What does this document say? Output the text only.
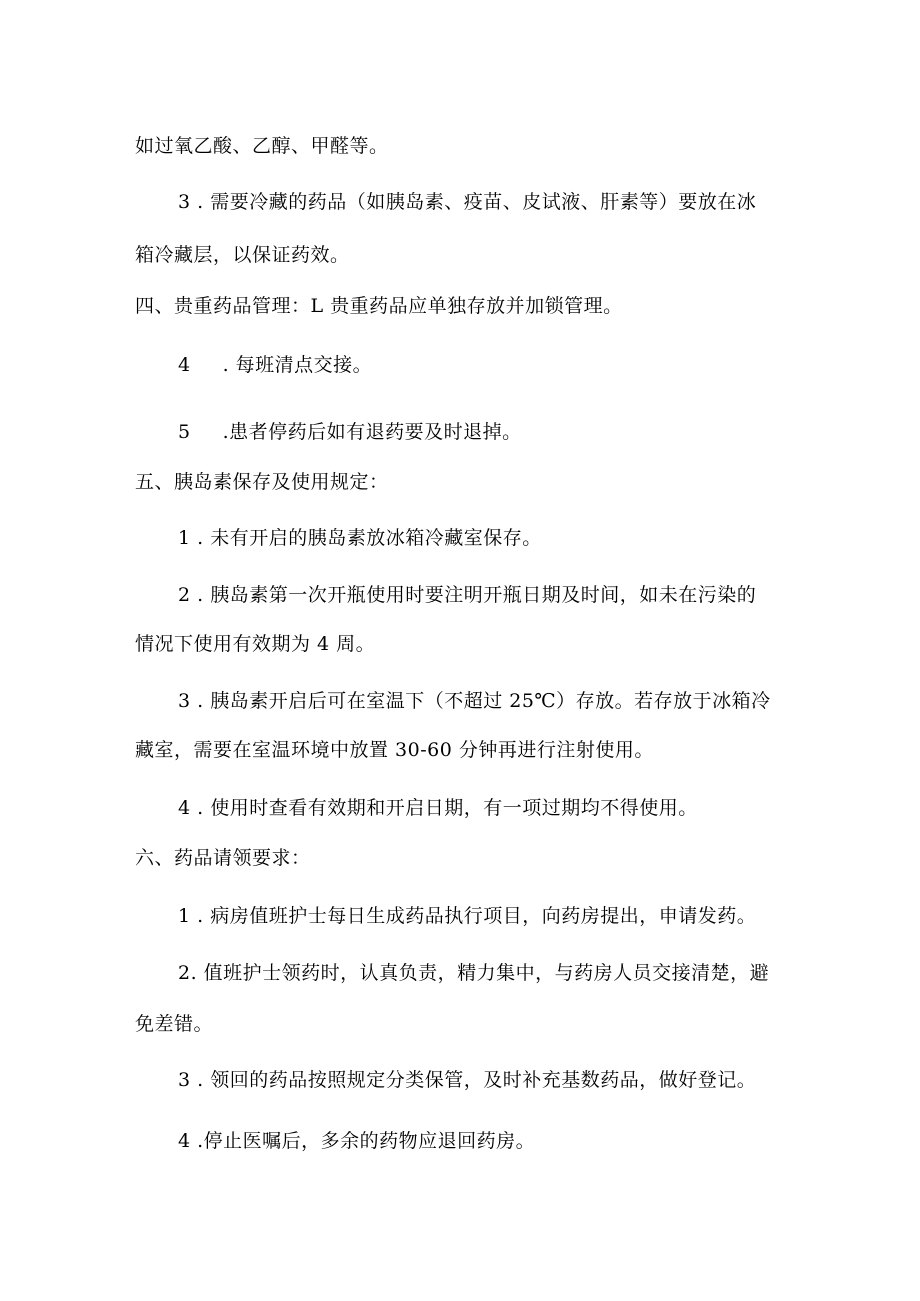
如过氧乙酸、乙醇、甲醛等。
3 . 需要冷藏的药品（如胰岛素、疫苗、皮试液、肝素等）要放在冰
箱冷藏层，以保证药效。
四、贵重药品管理：L 贵重药品应单独存放并加锁管理。
4 . 每班清点交接。
5 .患者停药后如有退药要及时退掉。
五、胰岛素保存及使用规定：
1 . 未有开启的胰岛素放冰箱冷藏室保存。
2 . 胰岛素第一次开瓶使用时要注明开瓶日期及时间，如未在污染的
情况下使用有效期为 4 周。
3 . 胰岛素开启后可在室温下（不超过 25℃）存放。若存放于冰箱冷
藏室，需要在室温环境中放置 30-60 分钟再进行注射使用。
4 . 使用时查看有效期和开启日期，有一项过期均不得使用。
六、药品请领要求：
1 . 病房值班护士每日生成药品执行项目，向药房提出，申请发药。
2. 值班护士领药时，认真负责，精力集中，与药房人员交接清楚，避
免差错。
3 . 领回的药品按照规定分类保管，及时补充基数药品，做好登记。
4 .停止医嘱后，多余的药物应退回药房。
